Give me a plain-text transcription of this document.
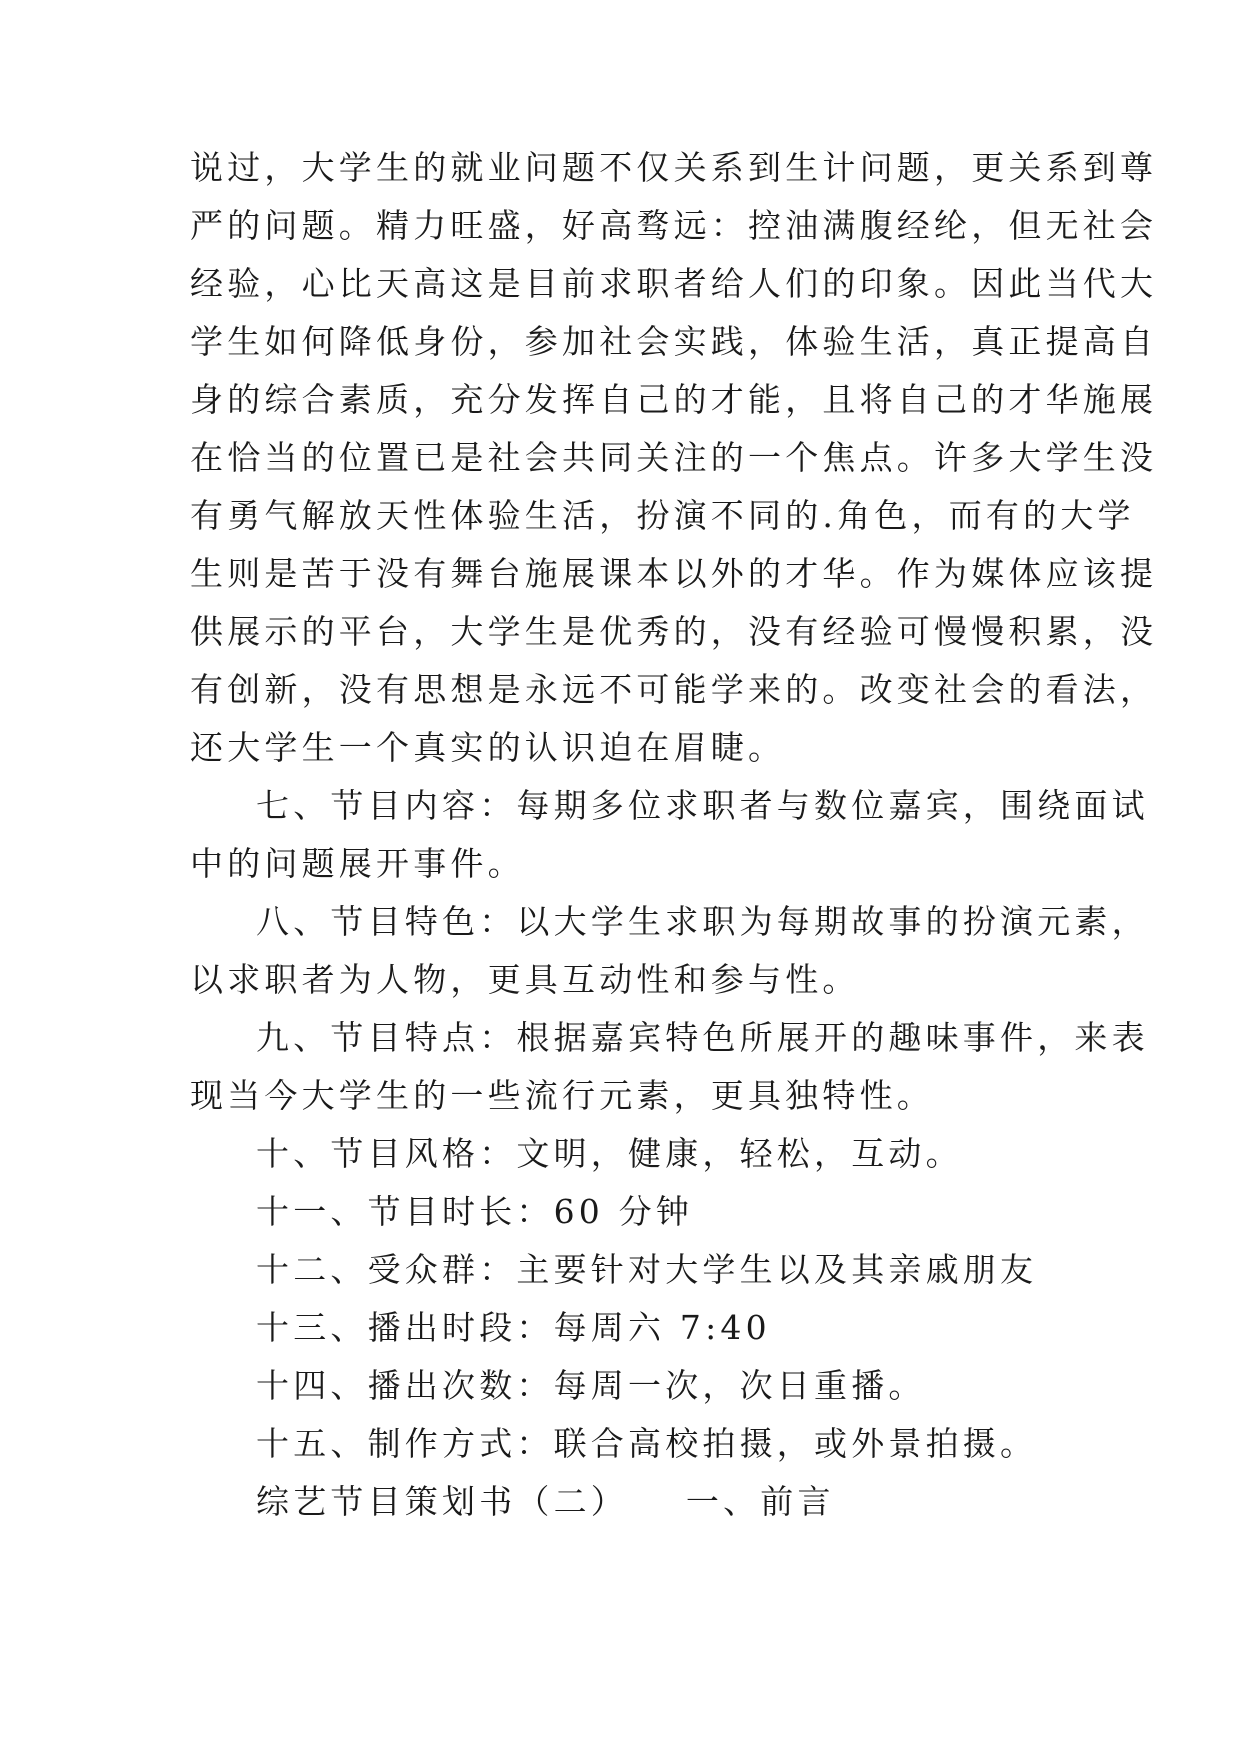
说过，大学生的就业问题不仅关系到生计问题，更关系到尊
严的问题。精力旺盛，好高骛远：控油满腹经纶，但无社会
经验，心比天高这是目前求职者给人们的印象。因此当代大
学生如何降低身份，参加社会实践，体验生活，真正提高自
身的综合素质，充分发挥自己的才能，且将自己的才华施展
在恰当的位置已是社会共同关注的一个焦点。许多大学生没
有勇气解放天性体验生活，扮演不同的.角色，而有的大学
生则是苦于没有舞台施展课本以外的才华。作为媒体应该提
供展示的平台，大学生是优秀的，没有经验可慢慢积累，没
有创新，没有思想是永远不可能学来的。改变社会的看法，
还大学生一个真实的认识迫在眉睫。
七、节目内容：每期多位求职者与数位嘉宾，围绕面试
中的问题展开事件。
八、节目特色：以大学生求职为每期故事的扮演元素，
以求职者为人物，更具互动性和参与性。
九、节目特点：根据嘉宾特色所展开的趣味事件，来表
现当今大学生的一些流行元素，更具独特性。
十、节目风格：文明，健康，轻松，互动。
十一、节目时长：60 分钟
十二、受众群：主要针对大学生以及其亲戚朋友
十三、播出时段：每周六 7:40
十四、播出次数：每周一次，次日重播。
十五、制作方式：联合高校拍摄，或外景拍摄。
综艺节目策划书（二）　　一、前言
